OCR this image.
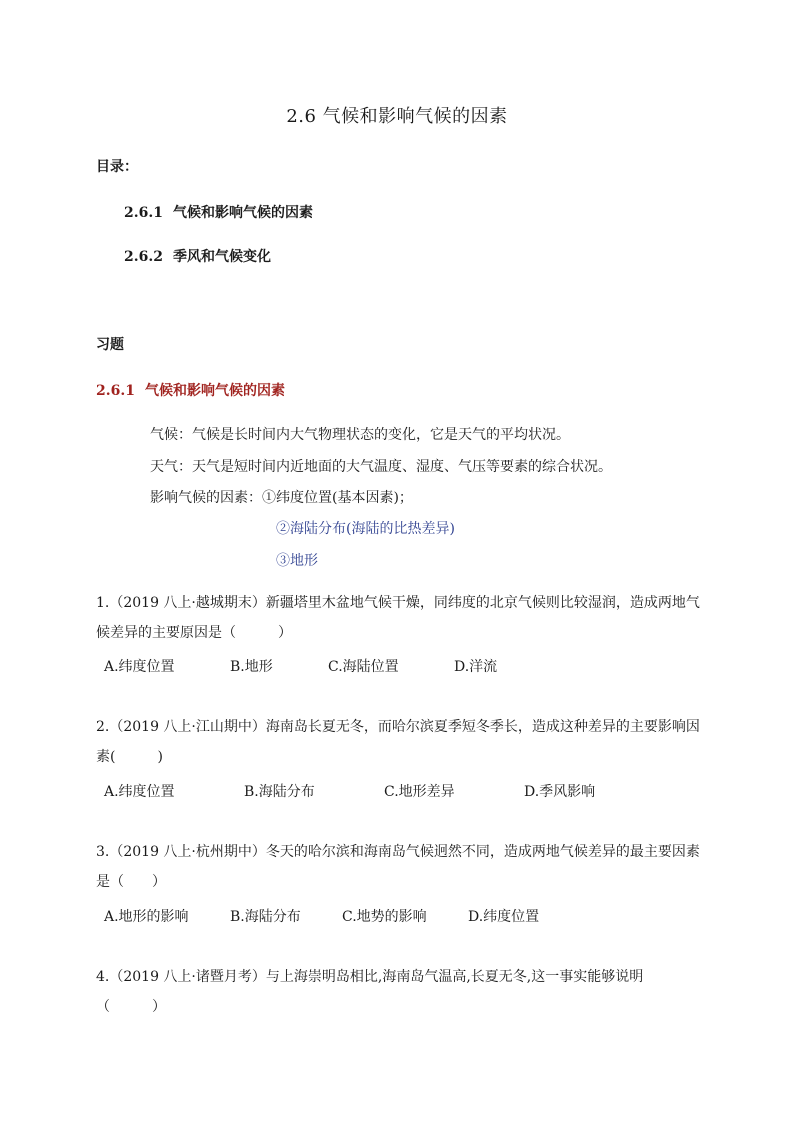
2.6 气候和影响气候的因素
目录：
2.6.1 气候和影响气候的因素
2.6.2 季风和气候变化
习题
2.6.1 气候和影响气候的因素
气候：气候是长时间内大气物理状态的变化，它是天气的平均状况。
天气：天气是短时间内近地面的大气温度、湿度、气压等要素的综合状况。
影响气候的因素：①纬度位置(基本因素)；
②海陆分布(海陆的比热差异)
③地形
1.（2019 八上·越城期末）新疆塔里木盆地气候干燥，同纬度的北京气候则比较湿润，造成两地气
候差异的主要原因是（　　　）
A.纬度位置	B.地形	C.海陆位置	D.洋流
2.（2019 八上·江山期中）海南岛长夏无冬，而哈尔滨夏季短冬季长，造成这种差异的主要影响因
素(　　　)
A.纬度位置	B.海陆分布	C.地形差异	D.季风影响
3.（2019 八上·杭州期中）冬天的哈尔滨和海南岛气候迥然不同，造成两地气候差异的最主要因素
是（　　）
A.地形的影响	B.海陆分布	C.地势的影响	D.纬度位置
4.（2019 八上·诸暨月考）与上海崇明岛相比,海南岛气温高,长夏无冬,这一事实能够说明
（　　　）
